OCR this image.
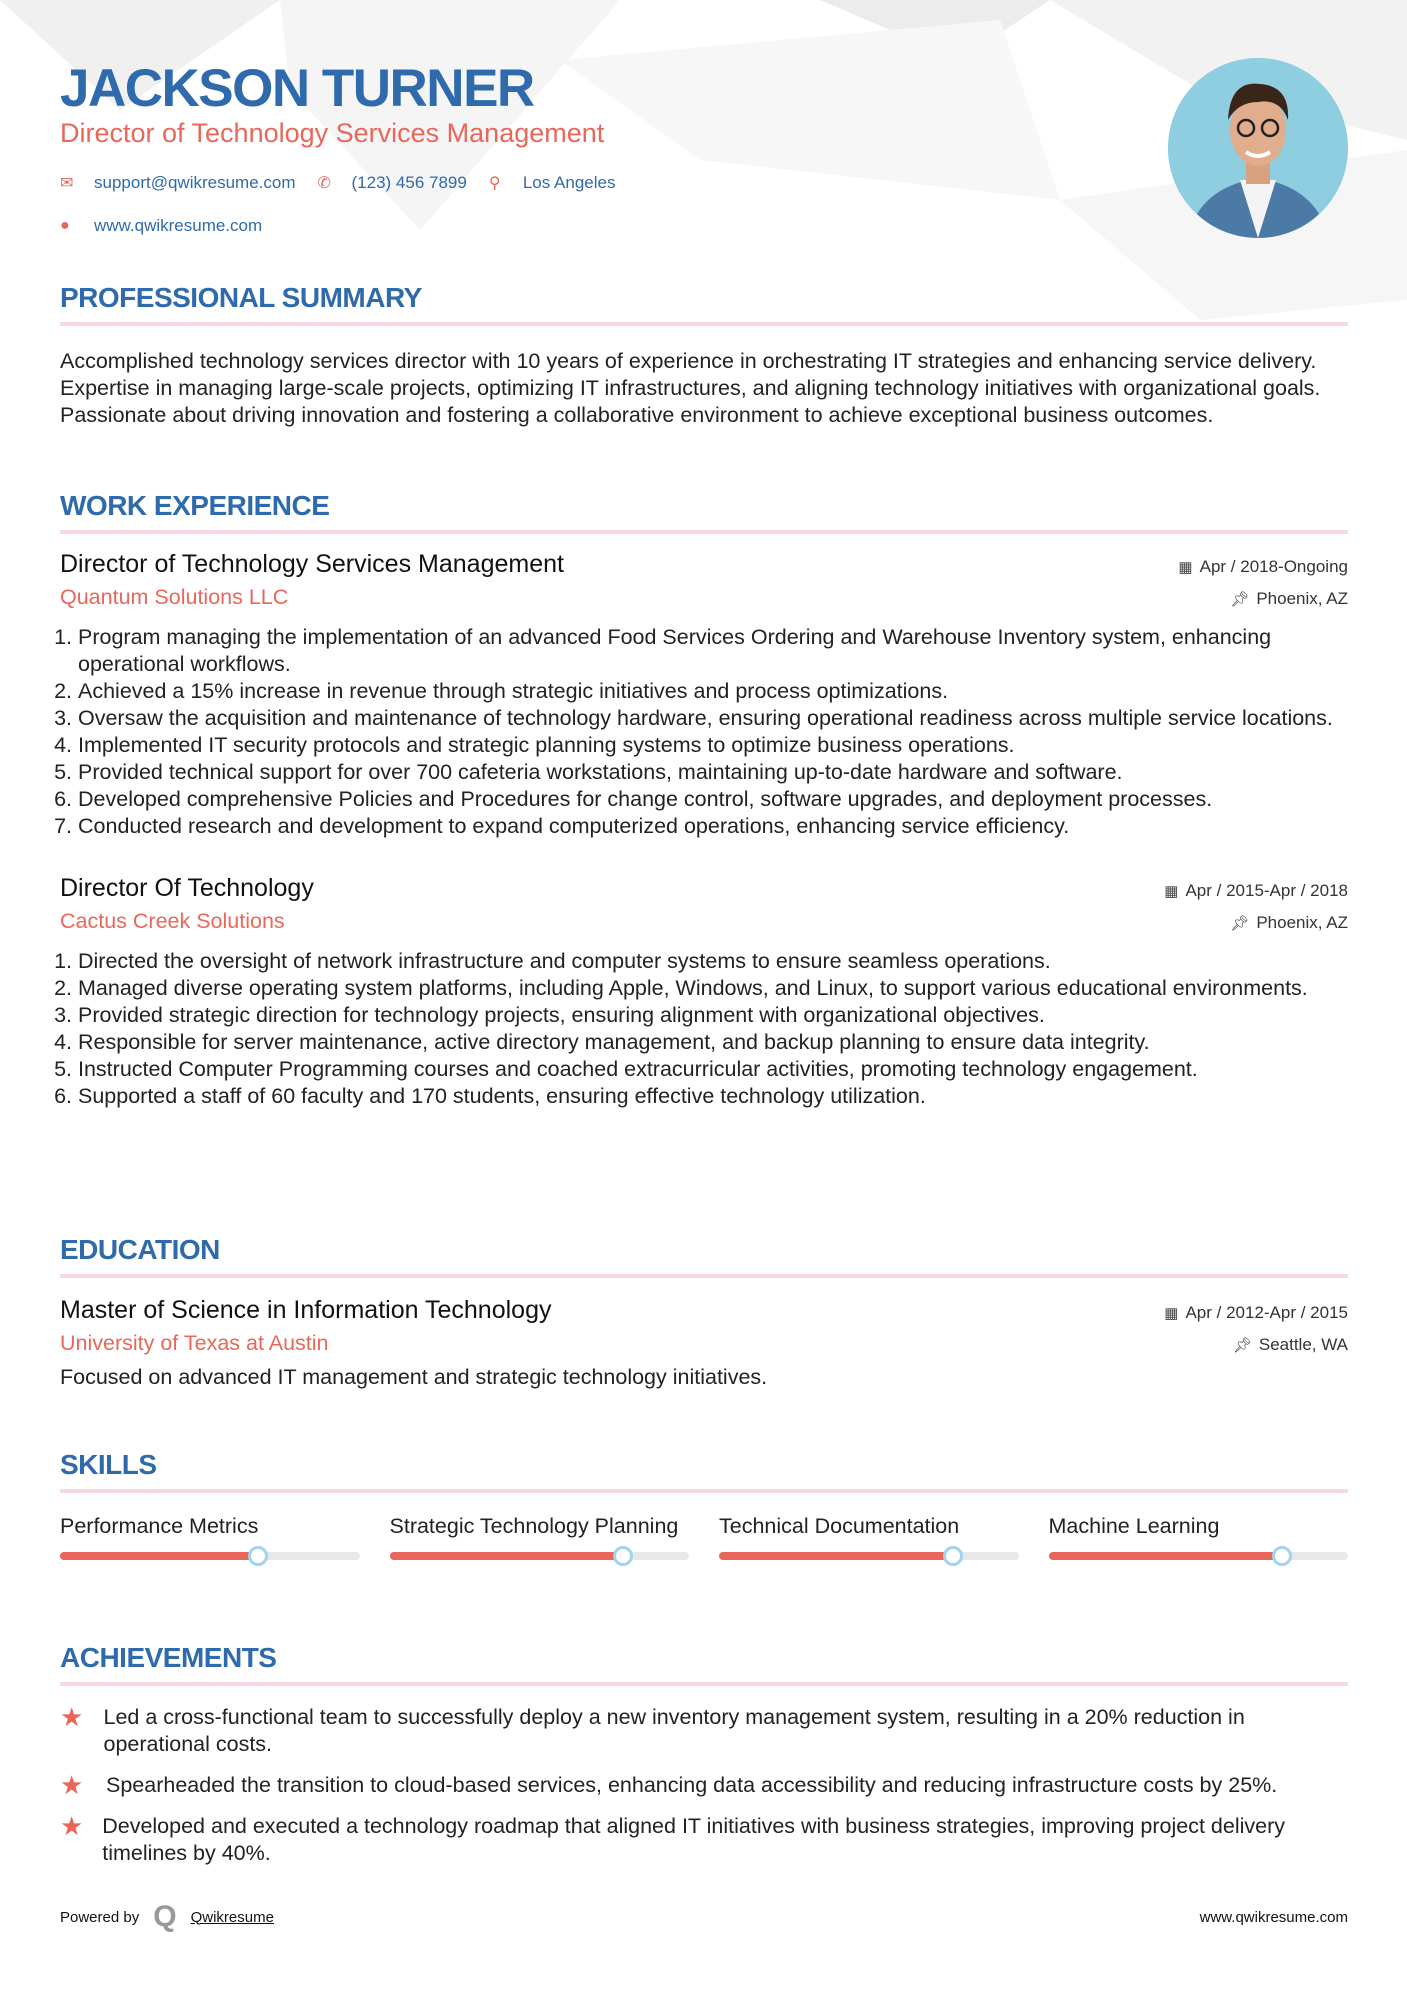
JACKSON TURNER
Director of Technology Services Management
✉	support@qwikresume.com ✆	(123) 456 7899 ⚲	Los Angeles
●	www.qwikresume.com
PROFESSIONAL SUMMARY

Accomplished technology services director with 10 years of experience in orchestrating IT strategies and enhancing service delivery. Expertise in managing large-scale projects, optimizing IT infrastructures, and aligning technology initiatives with organizational goals. Passionate about driving innovation and fostering a collaborative environment to achieve exceptional business outcomes.

WORK EXPERIENCE
Director of Technology Services Management	▦ Apr / 2018-Ongoing
Quantum Solutions LLC	📌︎ Phoenix, AZ
1. Program managing the implementation of an advanced Food Services Ordering and Warehouse Inventory system, enhancing operational workflows.
2. Achieved a 15% increase in revenue through strategic initiatives and process optimizations.
3. Oversaw the acquisition and maintenance of technology hardware, ensuring operational readiness across multiple service locations.
4. Implemented IT security protocols and strategic planning systems to optimize business operations.
5. Provided technical support for over 700 cafeteria workstations, maintaining up-to-date hardware and software.
6. Developed comprehensive Policies and Procedures for change control, software upgrades, and deployment processes.
7. Conducted research and development to expand computerized operations, enhancing service efficiency.
Director Of Technology	▦ Apr / 2015-Apr / 2018
Cactus Creek Solutions	📌︎ Phoenix, AZ
1. Directed the oversight of network infrastructure and computer systems to ensure seamless operations.
2. Managed diverse operating system platforms, including Apple, Windows, and Linux, to support various educational environments.
3. Provided strategic direction for technology projects, ensuring alignment with organizational objectives.
4. Responsible for server maintenance, active directory management, and backup planning to ensure data integrity.
5. Instructed Computer Programming courses and coached extracurricular activities, promoting technology engagement.
6. Supported a staff of 60 faculty and 170 students, ensuring effective technology utilization.
EDUCATION
Master of Science in Information Technology	▦ Apr / 2012-Apr / 2015
University of Texas at Austin	📌︎ Seattle, WA

Focused on advanced IT management and strategic technology initiatives.

SKILLS
Performance Metrics	Strategic Technology Planning	Technical Documentation	Machine Learning
ACHIEVEMENTS
★ Led a cross-functional team to successfully deploy a new inventory management system, resulting in a 20% reduction in operational costs.
★	Spearheaded the transition to cloud-based services, enhancing data accessibility and reducing infrastructure costs by 25%.
★ Developed and executed a technology roadmap that aligned IT initiatives with business strategies, improving project delivery timelines by 40%.
Powered by Q Qwikresume	www.qwikresume.com
